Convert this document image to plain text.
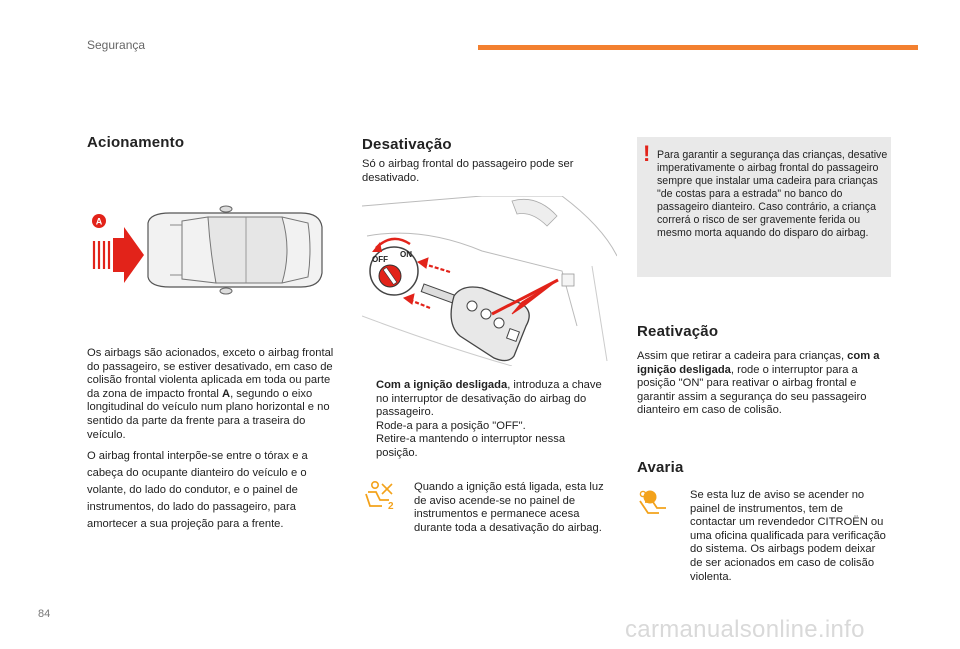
Segurança
Acionamento
A
Os airbags são acionados, exceto o airbag frontal do passageiro, se estiver desativado, em caso de colisão frontal violenta aplicada em toda ou parte da zona de impacto frontal A, segundo o eixo longitudinal do veículo num plano horizontal e no sentido da parte da frente para a traseira do veículo.
O airbag frontal interpõe-se entre o tórax e a cabeça do ocupante dianteiro do veículo e o volante, do lado do condutor, e o painel de instrumentos, do lado do passageiro, para amortecer a sua projeção para a frente.
Desativação
Só o airbag frontal do passageiro pode ser desativado.
OFF
ON
Com a ignição desligada, introduza a chave no interruptor de desativação do airbag do passageiro.
Rode-a para a posição "OFF".
Retire-a mantendo o interruptor nessa posição.
2
Quando a ignição está ligada, esta luz de aviso acende-se no painel de instrumentos e permanece acesa durante toda a desativação do airbag.
! Para garantir a segurança das crianças, desative imperativamente o airbag frontal do passageiro sempre que instalar uma cadeira para crianças "de costas para a estrada" no banco do passageiro dianteiro. Caso contrário, a criança correrá o risco de ser gravemente ferida ou mesmo morta aquando do disparo do airbag.
Reativação
Assim que retirar a cadeira para crianças, com a ignição desligada, rode o interruptor para a posição "ON" para reativar o airbag frontal e garantir assim a segurança do seu passageiro dianteiro em caso de colisão.
Avaria
Se esta luz de aviso se acender no painel de instrumentos, tem de contactar um revendedor CITROËN ou uma oficina qualificada para verificação do sistema. Os airbags podem deixar de ser acionados em caso de colisão violenta.
84
carmanualsonline.info
